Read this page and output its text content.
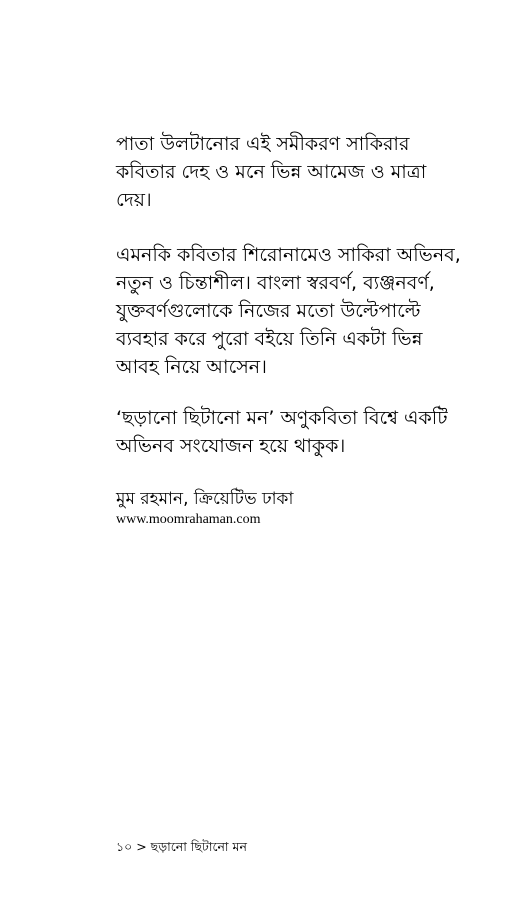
পাতা উলটানোর এই সমীকরণ সাকিরার
কবিতার দেহ ও মনে ভিন্ন আমেজ ও মাত্রা
দেয়।

এমনকি কবিতার শিরোনামেও সাকিরা অভিনব,
নতুন ও চিন্তাশীল। বাংলা স্বরবর্ণ, ব্যঞ্জনবর্ণ,
যুক্তবর্ণগুলোকে নিজের মতো উল্টেপাল্টে
ব্যবহার করে পুরো বইয়ে তিনি একটা ভিন্ন
আবহ নিয়ে আসেন।

‘ছড়ানো ছিটানো মন’ অণুকবিতা বিশ্বে একটি
অভিনব সংযোজন হয়ে থাকুক।

মুম রহমান, ক্রিয়েটিভ ঢাকা
www.moomrahaman.com
১০ > ছড়ানো ছিটানো মন
